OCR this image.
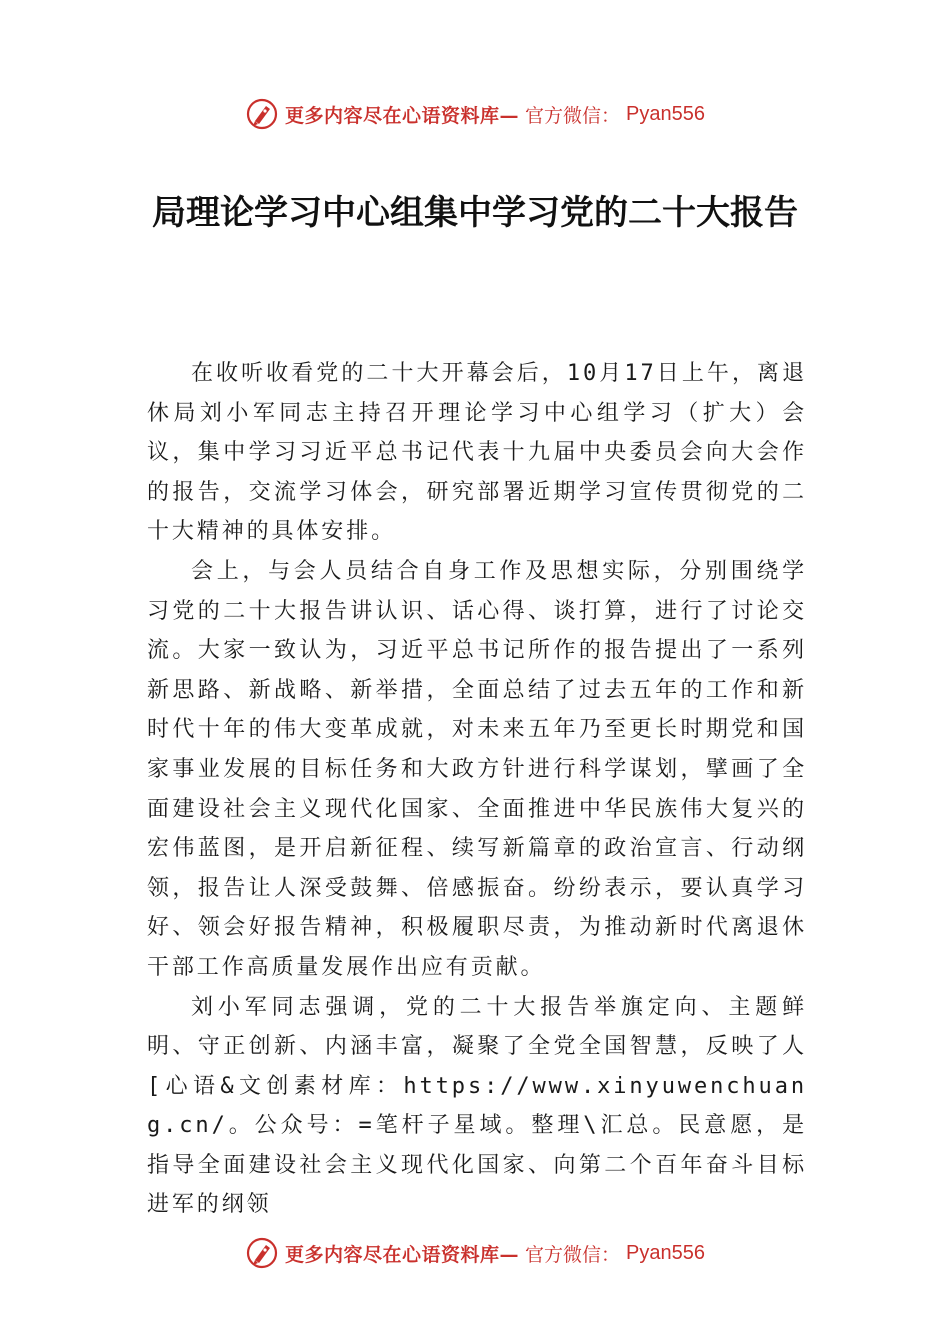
更多内容尽在心语资料库— 官方微信： Pyan556
局理论学习中心组集中学习党的二十大报告

在收听收看党的二十大开幕会后，10月17日上午，离退休局刘小军同志主持召开理论学习中心组学习（扩大）会议，集中学习习近平总书记代表十九届中央委员会向大会作的报告，交流学习体会，研究部署近期学习宣传贯彻党的二十大精神的具体安排。

会上，与会人员结合自身工作及思想实际，分别围绕学习党的二十大报告讲认识、话心得、谈打算，进行了讨论交流。大家一致认为，习近平总书记所作的报告提出了一系列新思路、新战略、新举措，全面总结了过去五年的工作和新时代十年的伟大变革成就，对未来五年乃至更长时期党和国家事业发展的目标任务和大政方针进行科学谋划，擘画了全面建设社会主义现代化国家、全面推进中华民族伟大复兴的宏伟蓝图，是开启新征程、续写新篇章的政治宣言、行动纲领，报告让人深受鼓舞、倍感振奋。纷纷表示，要认真学习好、领会好报告精神，积极履职尽责，为推动新时代离退休干部工作高质量发展作出应有贡献。

刘小军同志强调，党的二十大报告举旗定向、主题鲜明、守正创新、内涵丰富，凝聚了全党全国智慧，反映了人[心语&文创素材库：https://www.xinyuwenchuang.cn/。公众号：=笔杆子星域。整理\汇总。民意愿，是指导全面建设社会主义现代化国家、向第二个百年奋斗目标进军的纲领

更多内容尽在心语资料库— 官方微信： Pyan556
